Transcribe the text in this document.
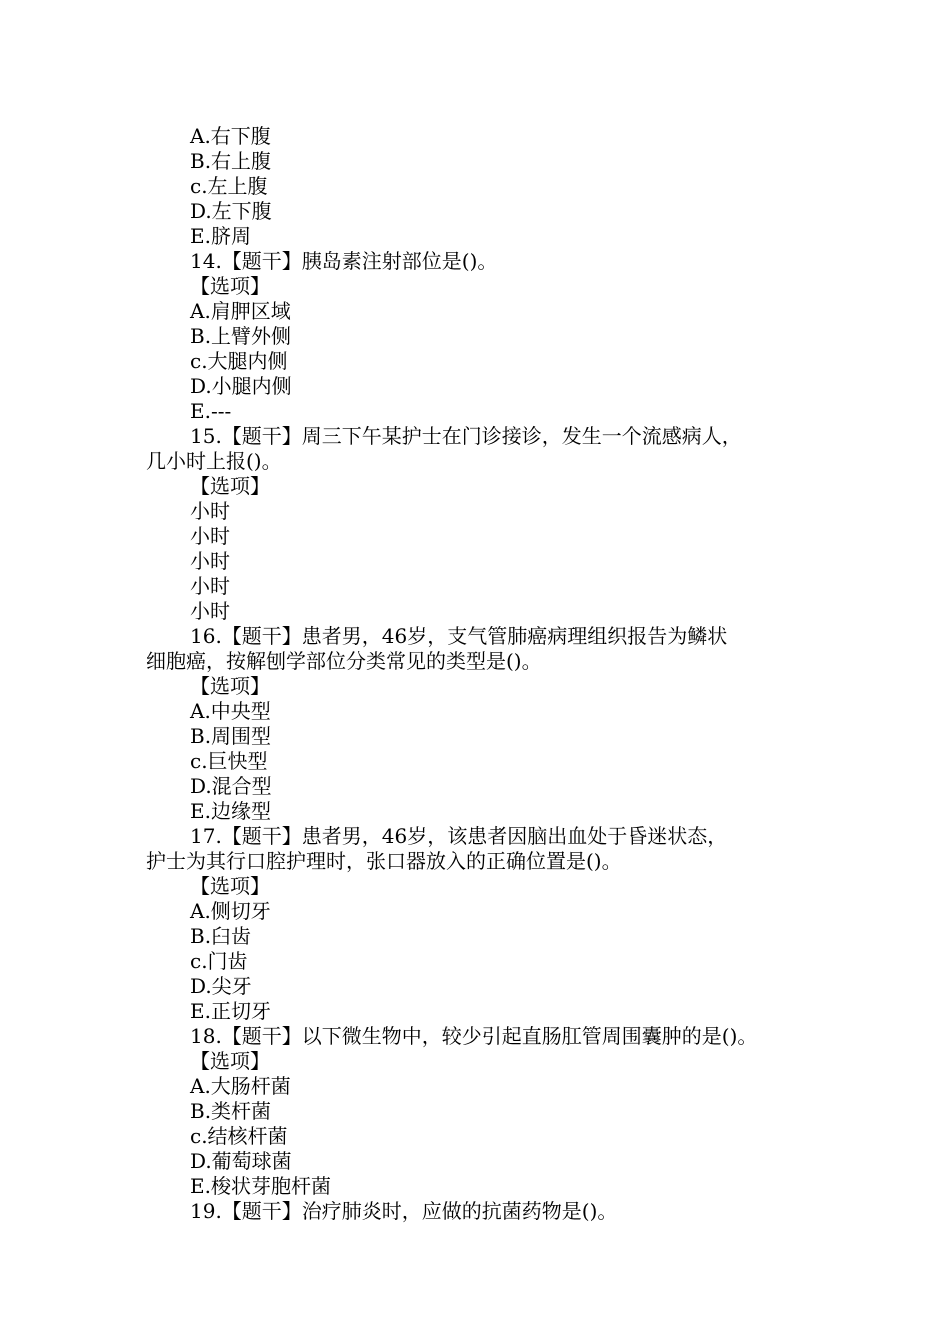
A.右下腹
B.右上腹
c.左上腹
D.左下腹
E.脐周
14.【题干】胰岛素注射部位是()。
【选项】
A.肩胛区域
B.上臂外侧
c.大腿内侧
D.小腿内侧
E.---
15.【题干】周三下午某护士在门诊接诊，发生一个流感病人，
几小时上报()。
【选项】
小时
小时
小时
小时
小时
16.【题干】患者男，46岁，支气管肺癌病理组织报告为鳞状
细胞癌，按解刨学部位分类常见的类型是()。
【选项】
A.中央型
B.周围型
c.巨快型
D.混合型
E.边缘型
17.【题干】患者男，46岁，该患者因脑出血处于昏迷状态，
护士为其行口腔护理时，张口器放入的正确位置是()。
【选项】
A.侧切牙
B.臼齿
c.门齿
D.尖牙
E.正切牙
18.【题干】以下微生物中，较少引起直肠肛管周围囊肿的是()。
【选项】
A.大肠杆菌
B.类杆菌
c.结核杆菌
D.葡萄球菌
E.梭状芽胞杆菌
19.【题干】治疗肺炎时，应做的抗菌药物是()。
